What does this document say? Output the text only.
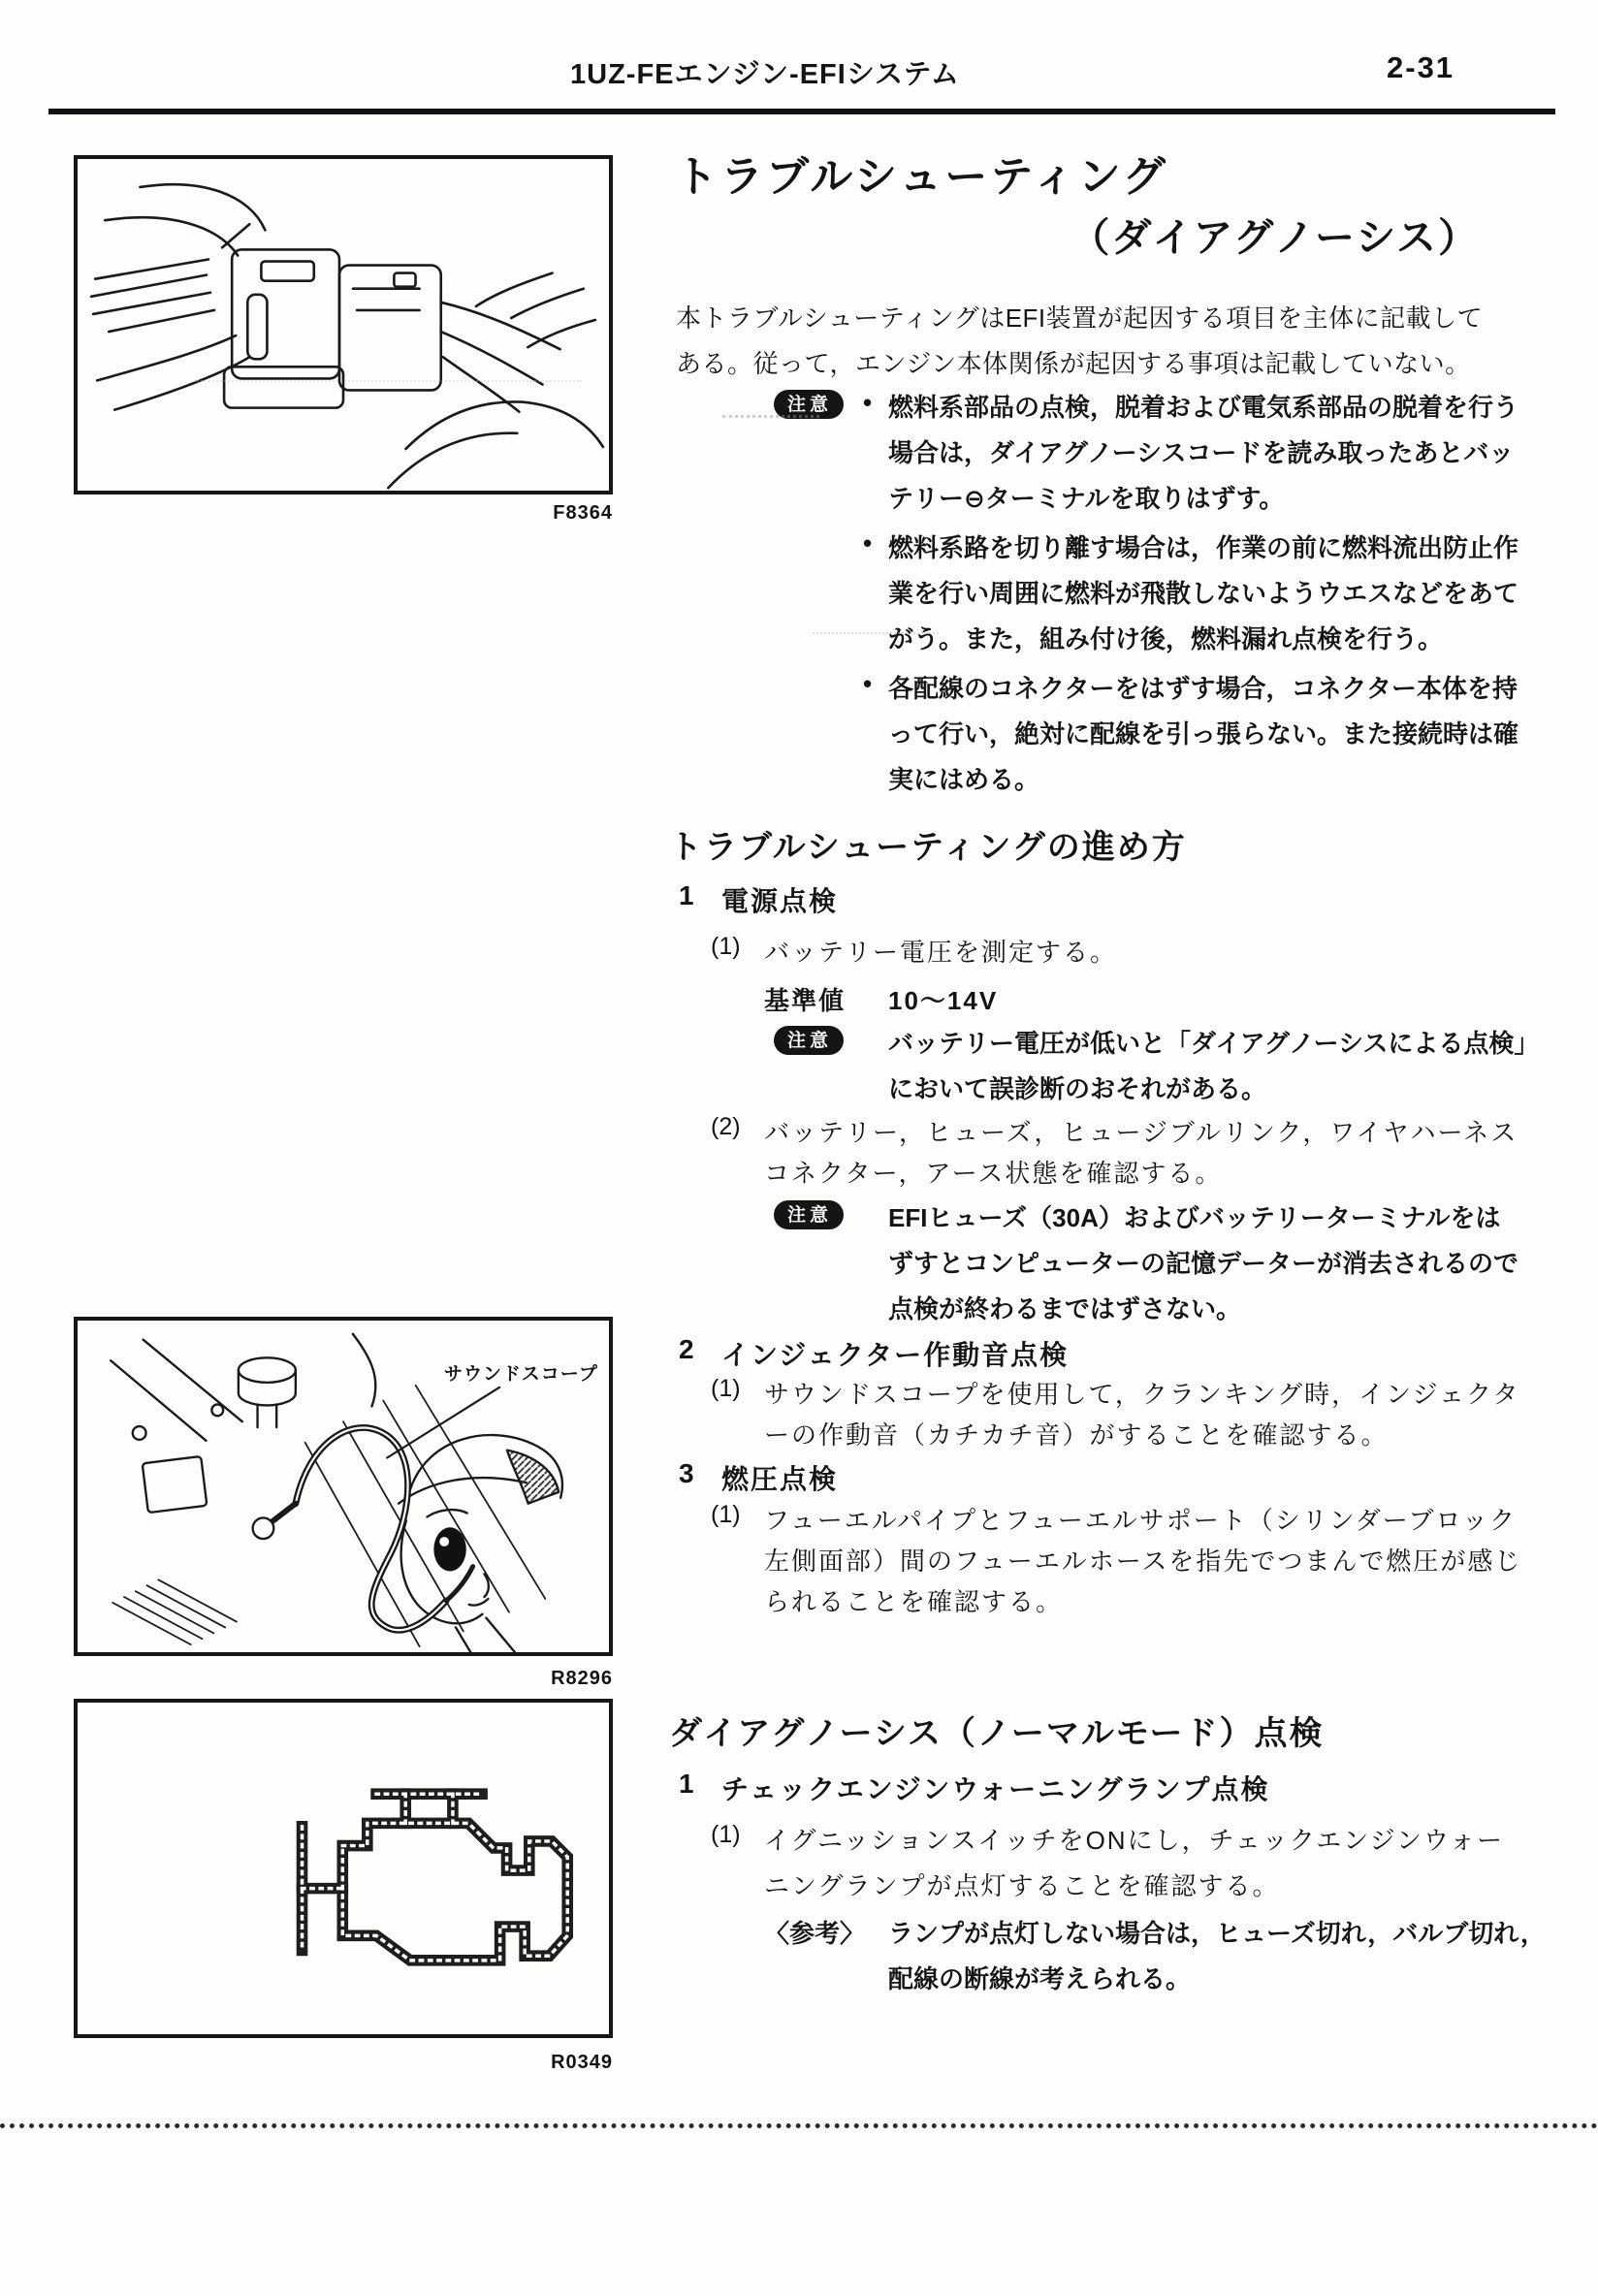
1UZ-FEエンジン-EFIシステム	2-31
F8364
サウンドスコープ
R8296
R0349
トラブルシューティング
（ダイアグノーシス）
本トラブルシューティングはEFI装置が起因する項目を主体に記載して
ある。従って，エンジン本体関係が起因する事項は記載していない。
注意	• 燃料系部品の点検，脱着および電気系部品の脱着を行う
場合は，ダイアグノーシスコードを読み取ったあとバッ
テリー⊖ターミナルを取りはずす。
• 燃料系路を切り離す場合は，作業の前に燃料流出防止作
業を行い周囲に燃料が飛散しないようウエスなどをあて
がう。また，組み付け後，燃料漏れ点検を行う。
• 各配線のコネクターをはずす場合，コネクター本体を持
って行い，絶対に配線を引っ張らない。また接続時は確
実にはめる。
トラブルシューティングの進め方
1 電源点検
(1) バッテリー電圧を測定する。
基準値 10～14V
注意	バッテリー電圧が低いと「ダイアグノーシスによる点検」
において誤診断のおそれがある。
(2) バッテリー，ヒューズ，ヒュージブルリンク，ワイヤハーネス
コネクター，アース状態を確認する。
注意	EFIヒューズ（30A）およびバッテリーターミナルをは
ずすとコンピューターの記憶データーが消去されるので
点検が終わるまではずさない。
2 インジェクター作動音点検
(1) サウンドスコープを使用して，クランキング時，インジェクタ
ーの作動音（カチカチ音）がすることを確認する。
3 燃圧点検
(1) フューエルパイプとフューエルサポート（シリンダーブロック
左側面部）間のフューエルホースを指先でつまんで燃圧が感じ
られることを確認する。
ダイアグノーシス（ノーマルモード）点検
1 チェックエンジンウォーニングランプ点検
(1) イグニッションスイッチをONにし，チェックエンジンウォー
ニングランプが点灯することを確認する。
〈参考〉 ランプが点灯しない場合は，ヒューズ切れ，バルブ切れ，
配線の断線が考えられる。
